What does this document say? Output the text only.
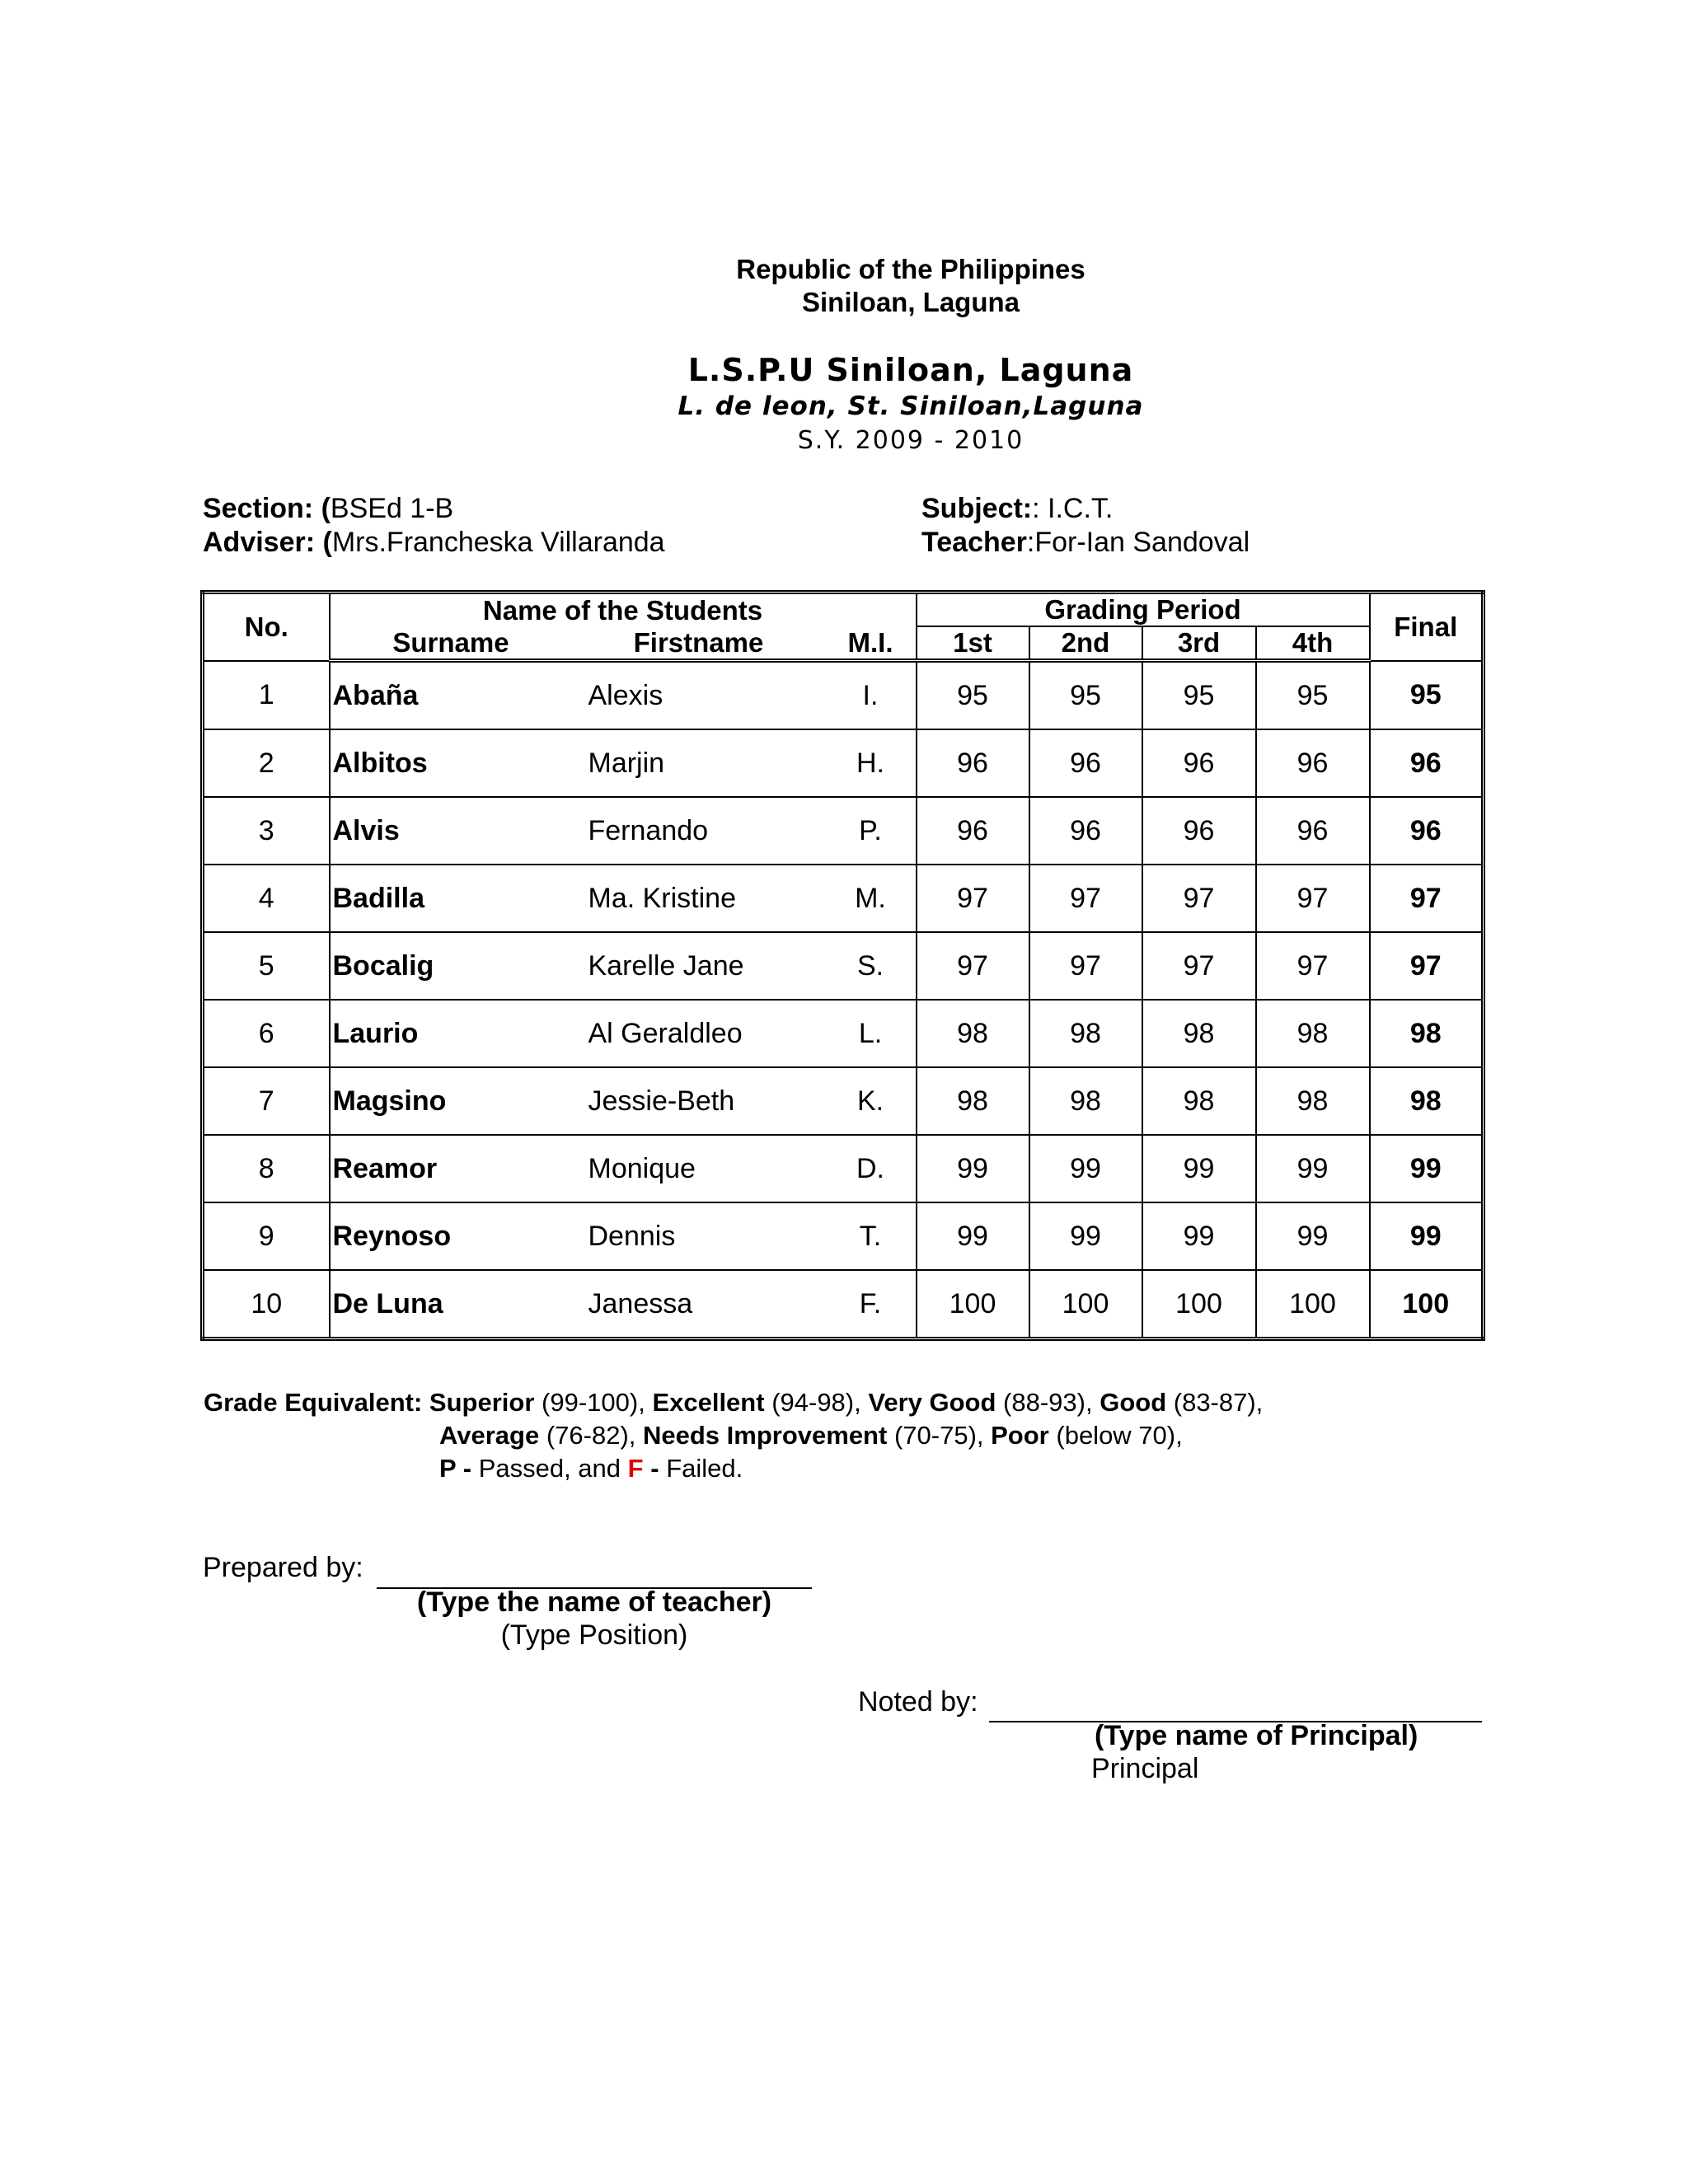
Republic of the Philippines
Siniloan, Laguna
L.S.P.U Siniloan, Laguna
L. de leon, St. Siniloan,Laguna
S.Y. 2009 - 2010
Section: (BSEd 1-B
Adviser: (Mrs.Francheska Villaranda
Subject:: I.C.T.
Teacher:For-Ian Sandoval
No.	Name of the Students			Grading Period				Final
	Surname	Firstname	M.I.	1st	2nd	3rd	4th	
1	Abaña	Alexis	I.	95	95	95	95	95
2	Albitos	Marjin	H.	96	96	96	96	96
3	Alvis	Fernando	P.	96	96	96	96	96
4	Badilla	Ma. Kristine	M.	97	97	97	97	97
5	Bocalig	Karelle Jane	S.	97	97	97	97	97
6	Laurio	Al Geraldleo	L.	98	98	98	98	98
7	Magsino	Jessie-Beth	K.	98	98	98	98	98
8	Reamor	Monique	D.	99	99	99	99	99
9	Reynoso	Dennis	T.	99	99	99	99	99
10	De Luna	Janessa	F.	100	100	100	100	100
Grade Equivalent: Superior (99-100), Excellent (94-98), Very Good (88-93), Good (83-87),
Average (76-82), Needs Improvement (70-75), Poor (below 70),
P - Passed, and F - Failed.
Prepared by:
(Type the name of teacher)
(Type Position)
Noted by:
(Type name of Principal)
Principal
